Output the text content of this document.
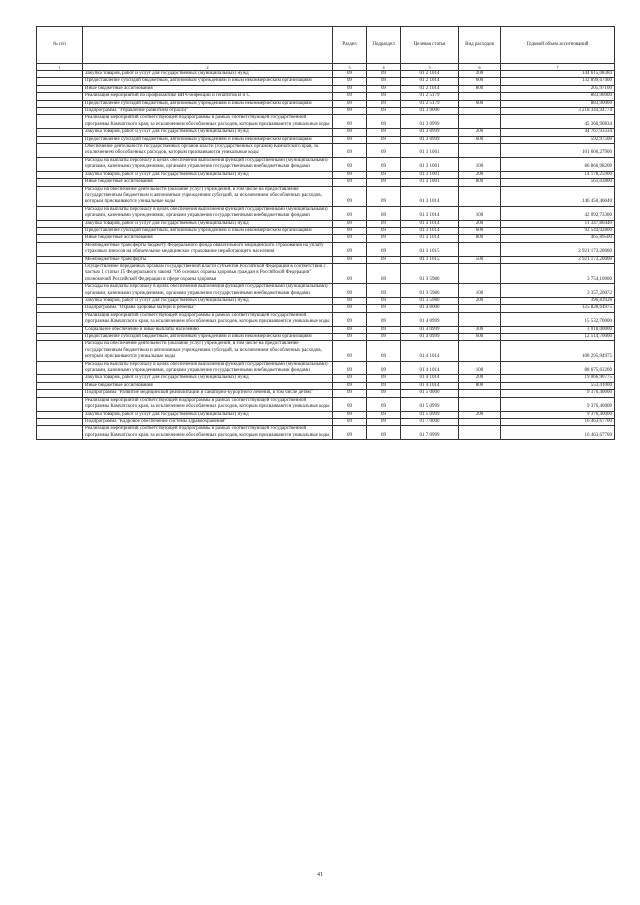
№ п/п		Раздел	Подраздел	Целевая статья	Вид расходов	Годовой объем ассигнований
1	2	3	4	5	6	7
	Закупка товаров, работ и услуг для государственных (муниципальных) нужд	09	09	01 2 1014	200	144 615,08384
	Предоставление субсидий бюджетным, автономным учреждениям и иным некоммерческим организациям	09	09	01 2 1014	600	132 899,67400
	Иные бюджетные ассигнования	09	09	01 2 1014	800	205,97100
	Реализация мероприятий по профилактике ВИЧ-инфекции и гепатитов В и С	09	09	01 2 5179		883,90000
	Предоставление субсидий бюджетным, автономным учреждениям и иным некоммерческим организациям	09	09	01 2 5179	600	883,90000
	Подпрограмма "Управление развитием отрасли"	09	09	01 3 0000		3 218 344,94774
	Реализация мероприятий соответствующей подпрограммы в рамках соответствующей государственной программы Камчатского края, за исключением обособленных расходов, которым присваиваются уникальные коды	09	09	01 3 0999		45 360,90834
	Закупка товаров, работ и услуг для государственных (муниципальных) нужд	09	09	01 3 0999	200	44 767,93334
	Предоставление субсидий бюджетным, автономным учреждениям и иным некоммерческим организациям	09	09	01 3 0999	600	592,97500
	Обеспечение деятельности государственных органов власти (государственных органов) Камчатского края, за исключением обособленных расходов, которым присваиваются уникальные коды	09	09	01 3 1001		101 606,27900
	Расходы на выплаты персоналу в целях обеспечения выполнения функций государственными (муниципальными) органами, казенными учреждениями, органами управления государственными внебюджетными фондами	09	09	01 3 1001	100	86 866,98200
	Закупка товаров, работ и услуг для государственных (муниципальных) нужд	09	09	01 3 1001	200	14 178,25900
	Иные бюджетные ассигнования	09	09	01 3 1001	800	561,03800
	Расходы на обеспечение деятельности (оказание услуг) учреждений, в том числе на предоставление государственным бюджетным и автономным учреждениям субсидий, за исключением обособленных расходов, которым присваиваются уникальные коды	09	09	01 3 1014		146 450,46040
	Расходы на выплаты персоналу в целях обеспечения выполнения функций государственными (муниципальными) органами, казенными учреждениями, органами управления государственными внебюджетными фондами	09	09	01 3 1014	100	42 092,73300
	Закупка товаров, работ и услуг для государственных (муниципальных) нужд	09	09	01 3 1014	200	11 347,80440
	Предоставление субсидий бюджетным, автономным учреждениям и иным некоммерческим организациям	09	09	01 3 1014	600	92 544,02800
	Иные бюджетные ассигнования	09	09	01 3 1014	800	465,89500
	Межбюджетные трансферты бюджету Федерального фонда обязательного медицинского страхования на уплату страховых взносов на обязательное медицинское страхование неработающего населения	09	09	01 3 1015		2 921 173,20000
	Межбюджетные трансферты	09	09	01 3 1015	500	2 921 173,20000
	Осуществление переданных органам государственной власти субъектов Российской Федерации в соответствии с частью 1 статьи 15 Федерального закона "Об основах охраны здоровья граждан в Российской Федерации" полномочий Российской Федерации в сфере охраны здоровья	09	09	01 3 5980		3 754,10000
	Расходы на выплаты персоналу в целях обеспечения выполнения функций государственными (муниципальными) органами, казенными учреждениями, органами управления государственными внебюджетными фондами	09	09	01 3 5980	100	3 357,26072
	Закупка товаров, работ и услуг для государственных (муниципальных) нужд	09	09	01 3 5980	200	396,83928
	Подпрограмма "Охрана здоровья матери и ребенка"	09	09	01 4 0000		125 828,64975
	Реализация мероприятий соответствующей подпрограммы в рамках соответствующей государственной программы Камчатского края, за исключением обособленных расходов, которым присваиваются уникальные коды	09	09	01 4 0999		15 532,70000
	Социальное обеспечение и иные выплаты населению	09	09	01 4 0999	300	3 018,00000
	Предоставление субсидий бюджетным, автономным учреждениям и иным некоммерческим организациям	09	09	01 4 0999	600	12 514,70000
	Расходы на обеспечение деятельности (оказание услуг) учреждений, в том числе на предоставление государственным бюджетным и автономным учреждениям субсидий, за исключением обособленных расходов, которым присваиваются уникальные коды	09	09	01 4 1014		108 295,94975
	Расходы на выплаты персоналу в целях обеспечения выполнения функций государственными (муниципальными) органами, казенными учреждениями, органами управления государственными внебюджетными фондами	09	09	01 4 1014	100	88 675,63200
	Закупка товаров, работ и услуг для государственных (муниципальных) нужд	09	09	01 4 1014	200	19 066,90775
	Иные бюджетные ассигнования	09	09	01 4 1014	800	553,41000
	Подпрограмма "Развитие медицинской реабилитации и санаторно-курортного лечения, в том числе детям"	09	09	01 5 0000		9 376,40000
	Реализация мероприятий соответствующей подпрограммы в рамках соответствующей государственной программы Камчатского края, за исключением обособленных расходов, которым присваиваются уникальные коды	09	09	01 5 0999		9 376,40000
	Закупка товаров, работ и услуг для государственных (муниципальных) нужд	09	09	01 5 0999	200	9 376,40000
	Подпрограмма "Кадровое обеспечение системы здравоохранения"	09	09	01 7 0000		16 463,67700
	Реализация мероприятий соответствующей подпрограммы в рамках соответствующей государственной программы Камчатского края, за исключением обособленных расходов, которым присваиваются уникальные коды	09	09	01 7 0999		16 463,67700
41
